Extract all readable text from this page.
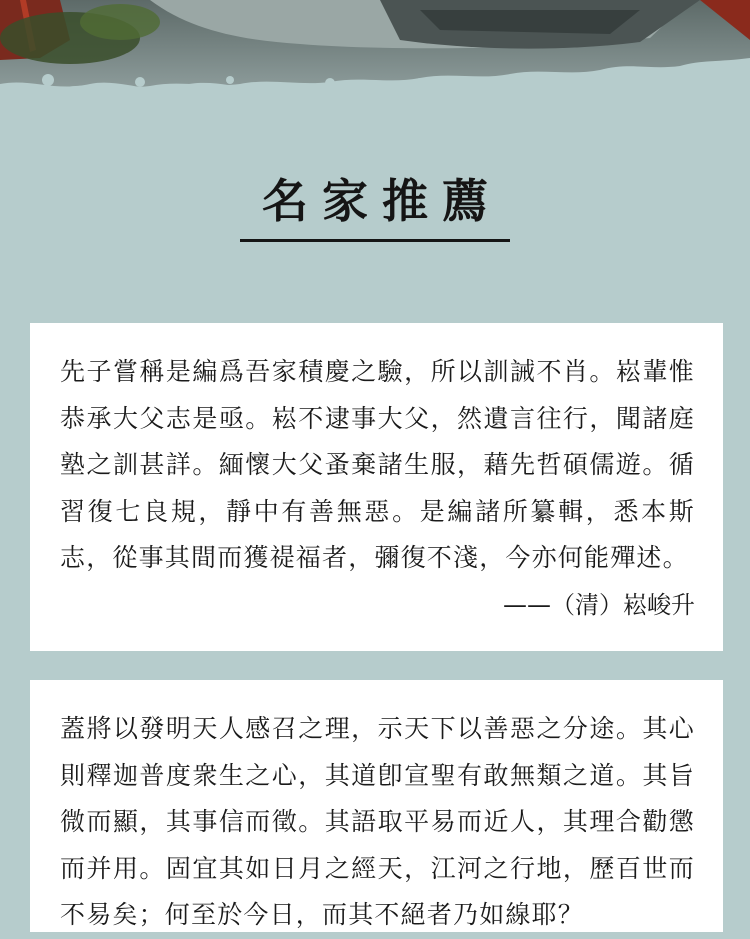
名家推薦

先子嘗稱是編爲吾家積慶之驗，所以訓誡不肖。崧輩惟恭承大父志是亟。崧不逮事大父，然遺言往行，聞諸庭塾之訓甚詳。緬懷大父蚤棄諸生服，藉先哲碩儒遊。循習復七良規，靜中有善無惡。是編諸所纂輯，悉本斯志，從事其間而獲禔福者，彌復不淺，今亦何能殫述。

——（清）崧峻升

蓋將以發明天人感召之理，示天下以善惡之分途。其心則釋迦普度衆生之心，其道卽宣聖有敢無類之道。其旨微而顯，其事信而徵。其語取平易而近人，其理合勸懲而并用。固宜其如日月之經天，江河之行地，歷百世而不易矣；何至於今日，而其不絕者乃如線耶？
